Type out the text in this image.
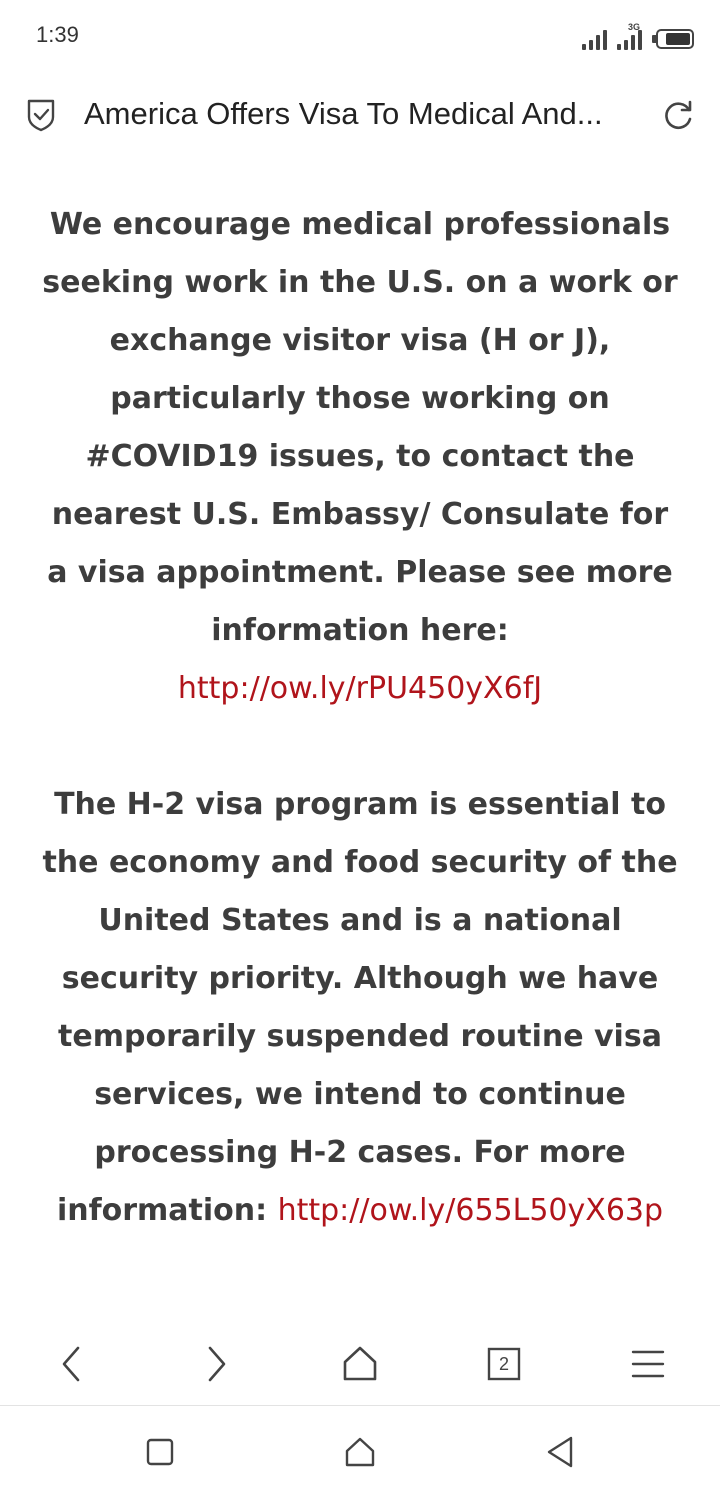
1:39	3G
America Offers Visa To Medical And...

We encourage medical professionals seeking work in the U.S. on a work or exchange visitor visa (H or J), particularly those working on #COVID19 issues, to contact the nearest U.S. Embassy/ Consulate for a visa appointment. Please see more information here: http://ow.ly/rPU450yX6fJ

The H-2 visa program is essential to the economy and food security of the United States and is a national security priority. Although we have temporarily suspended routine visa services, we intend to continue processing H-2 cases. For more information: http://ow.ly/655L50yX63p

2
